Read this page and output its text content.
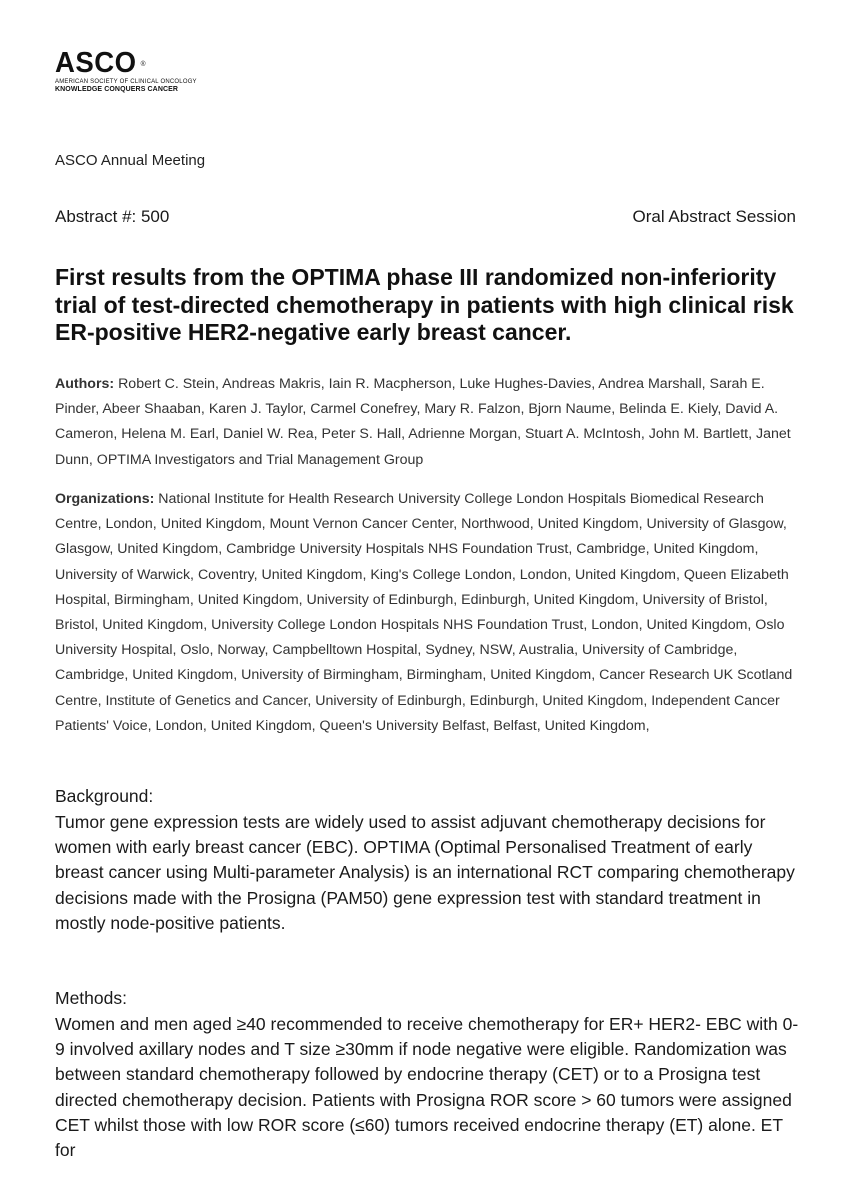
ASCO ®
AMERICAN SOCIETY OF CLINICAL ONCOLOGY
KNOWLEDGE CONQUERS CANCER
ASCO Annual Meeting
Abstract #: 500	Oral Abstract Session
First results from the OPTIMA phase III randomized non-inferiority trial of test-directed chemotherapy in patients with high clinical risk ER-positive HER2-negative early breast cancer.
Authors: Robert C. Stein, Andreas Makris, Iain R. Macpherson, Luke Hughes-Davies, Andrea Marshall, Sarah E. Pinder, Abeer Shaaban, Karen J. Taylor, Carmel Conefrey, Mary R. Falzon, Bjorn Naume, Belinda E. Kiely, David A. Cameron, Helena M. Earl, Daniel W. Rea, Peter S. Hall, Adrienne Morgan, Stuart A. McIntosh, John M. Bartlett, Janet Dunn, OPTIMA Investigators and Trial Management Group
Organizations: National Institute for Health Research University College London Hospitals Biomedical Research Centre, London, United Kingdom, Mount Vernon Cancer Center, Northwood, United Kingdom, University of Glasgow, Glasgow, United Kingdom, Cambridge University Hospitals NHS Foundation Trust, Cambridge, United Kingdom, University of Warwick, Coventry, United Kingdom, King's College London, London, United Kingdom, Queen Elizabeth Hospital, Birmingham, United Kingdom, University of Edinburgh, Edinburgh, United Kingdom, University of Bristol, Bristol, United Kingdom, University College London Hospitals NHS Foundation Trust, London, United Kingdom, Oslo University Hospital, Oslo, Norway, Campbelltown Hospital, Sydney, NSW, Australia, University of Cambridge, Cambridge, United Kingdom, University of Birmingham, Birmingham, United Kingdom, Cancer Research UK Scotland Centre, Institute of Genetics and Cancer, University of Edinburgh, Edinburgh, United Kingdom, Independent Cancer Patients' Voice, London, United Kingdom, Queen's University Belfast, Belfast, United Kingdom,
Background:
Tumor gene expression tests are widely used to assist adjuvant chemotherapy decisions for women with early breast cancer (EBC). OPTIMA (Optimal Personalised Treatment of early breast cancer using Multi-parameter Analysis) is an international RCT comparing chemotherapy decisions made with the Prosigna (PAM50) gene expression test with standard treatment in mostly node-positive patients.
Methods:
Women and men aged ≥40 recommended to receive chemotherapy for ER+ HER2- EBC with 0-9 involved axillary nodes and T size ≥30mm if node negative were eligible. Randomization was between standard chemotherapy followed by endocrine therapy (CET) or to a Prosigna test directed chemotherapy decision. Patients with Prosigna ROR score > 60 tumors were assigned CET whilst those with low ROR score (≤60) tumors received endocrine therapy (ET) alone. ET for
